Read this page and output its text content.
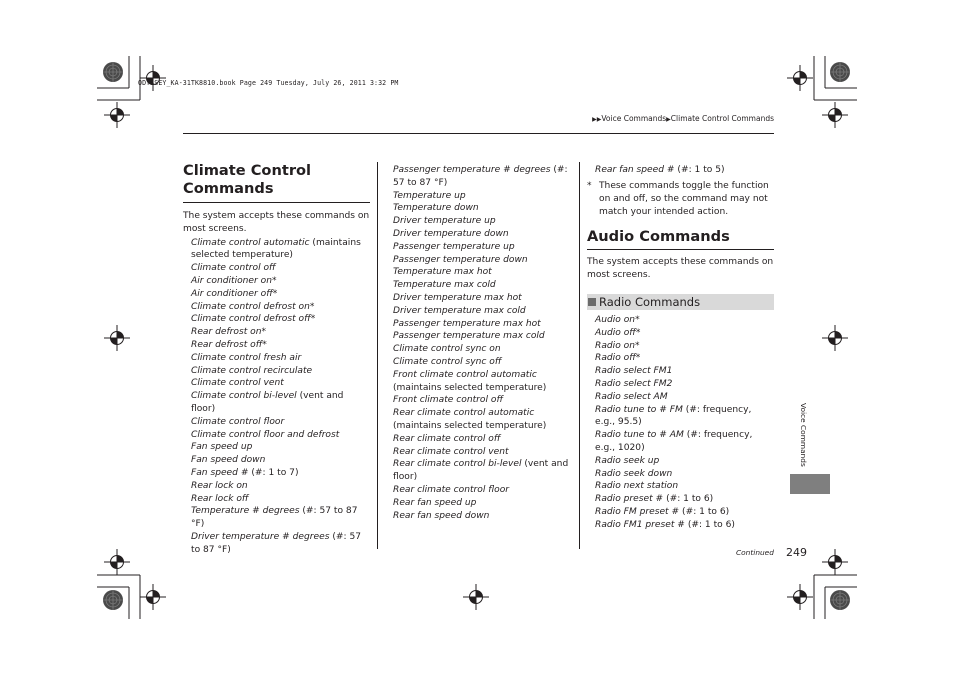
ODYSSEY_KA-31TK8810.book Page 249 Tuesday, July 26, 2011 3:32 PM
▶▶Voice Commands▶Climate Control Commands

Climate Control

Commands

The system accepts these commands on most screens.

Climate control automatic (maintains selected temperature)

Climate control off

Air conditioner on*

Air conditioner off*

Climate control defrost on*

Climate control defrost off*

Rear defrost on*

Rear defrost off*

Climate control fresh air

Climate control recirculate

Climate control vent

Climate control bi-level (vent and floor)

Climate control floor

Climate control floor and defrost

Fan speed up

Fan speed down

Fan speed # (#: 1 to 7)

Rear lock on

Rear lock off

Temperature # degrees (#: 57 to 87 °F)

Driver temperature # degrees (#: 57 to 87 °F)

Passenger temperature # degrees (#: 57 to 87 °F)

Temperature up

Temperature down

Driver temperature up

Driver temperature down

Passenger temperature up

Passenger temperature down

Temperature max hot

Temperature max cold

Driver temperature max hot

Driver temperature max cold

Passenger temperature max hot

Passenger temperature max cold

Climate control sync on

Climate control sync off

Front climate control automatic (maintains selected temperature)

Front climate control off

Rear climate control automatic (maintains selected temperature)

Rear climate control off

Rear climate control vent

Rear climate control bi-level (vent and floor)

Rear climate control floor

Rear fan speed up

Rear fan speed down

Rear fan speed # (#: 1 to 5)

* These commands toggle the function on and off, so the command may not match your intended action.

Audio Commands

The system accepts these commands on most screens.

Radio Commands

Audio on*

Audio off*

Radio on*

Radio off*

Radio select FM1

Radio select FM2

Radio select AM

Radio tune to # FM (#: frequency, e.g., 95.5)

Radio tune to # AM (#: frequency, e.g., 1020)

Radio seek up

Radio seek down

Radio next station

Radio preset # (#: 1 to 6)

Radio FM preset # (#: 1 to 6)

Radio FM1 preset # (#: 1 to 6)

Voice Commands
Continued 249
